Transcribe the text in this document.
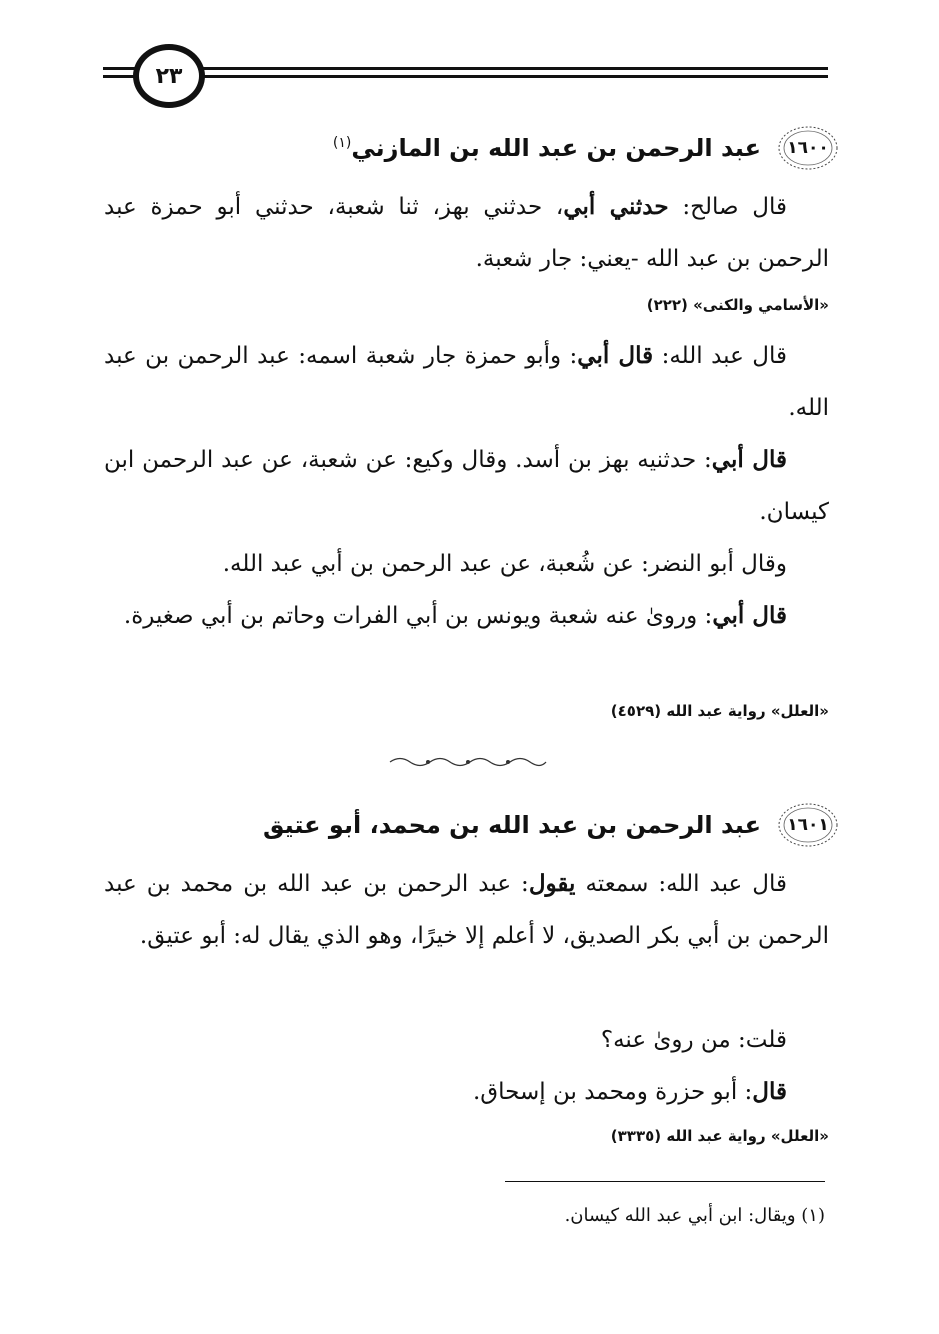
٢٣
١٦٠٠
عبد الرحمن بن عبد الله بن المازني$^{(١)}$
قال صالح: حدثني أبي، حدثني بهز، ثنا شعبة، حدثني أبو حمزة عبد الرحمن بن عبد الله -يعني: جار شعبة.
«الأسامي والكنى» (٢٢٢)
قال عبد الله: قال أبي: وأبو حمزة جار شعبة اسمه: عبد الرحمن بن عبد الله.
قال أبي: حدثنيه بهز بن أسد. وقال وكيع: عن شعبة، عن عبد الرحمن ابن كيسان.
وقال أبو النضر: عن شُعبة، عن عبد الرحمن بن أبي عبد الله.
قال أبي: وروىٰ عنه شعبة ويونس بن أبي الفرات وحاتم بن أبي صغيرة.
«العلل» رواية عبد الله (٤٥٢٩)
١٦٠١
عبد الرحمن بن عبد الله بن محمد، أبو عتيق
قال عبد الله: سمعته يقول: عبد الرحمن بن عبد الله بن محمد بن عبد الرحمن بن أبي بكر الصديق، لا أعلم إلا خيرًا، وهو الذي يقال له: أبو عتيق.
قلت: من روىٰ عنه؟
قال: أبو حزرة ومحمد بن إسحاق.
«العلل» رواية عبد الله (٣٣٣٥)
(١) ويقال: ابن أبي عبد الله كيسان.
